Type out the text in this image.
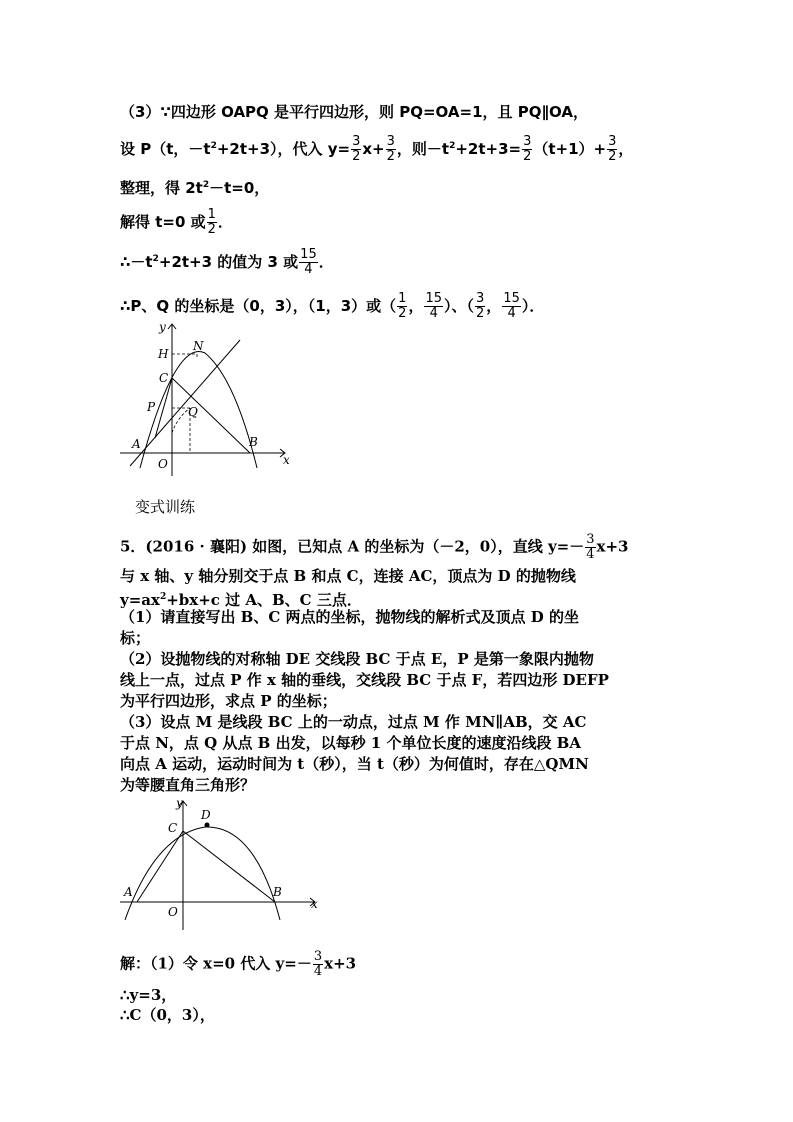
（3）∵四边形 OAPQ 是平行四边形，则 PQ=OA=1，且 PQ∥OA，
设 P（t，$-t^2+2t+3$），代入 $y= \frac{3}{2} x+ \frac{3}{2}$ ，则$-t^2+2t+3= \frac{3}{2} (t+1)+ \frac{3}{2}$ ，
整理，得 $2t^2-t=0$，
解得 t=0 或 $\frac{1}{2}$ ．
$\therefore-t^2+2t+3$ 的值为 3 或 $\frac{15}{4}$ ．
∴P、Q 的坐标是（0，3），（1，3）或（ $\frac{1}{2}$ ， $\frac{15}{4}$ ）、（ $\frac{3}{2}$ ， $\frac{15}{4}$ ）．
y
H
N
C
P	Q
A
O
B
x
变式训练
5．(2016 · 襄阳) 如图，已知点 A 的坐标为（－2，0），直线 $y=- \frac{3}{4} x+3$
与 x 轴、y 轴分别交于点 B 和点 C，连接 AC，顶点为 D 的抛物线
$y=ax^2+bx+c$ 过 A、B、C 三点．
（1）请直接写出 B、C 两点的坐标，抛物线的解析式及顶点 D 的坐
标；
（2）设抛物线的对称轴 DE 交线段 BC 于点 E，P 是第一象限内抛物
线上一点，过点 P 作 x 轴的垂线，交线段 BC 于点 F，若四边形 DEFP
为平行四边形，求点 P 的坐标；
（3）设点 M 是线段 BC 上的一动点，过点 M 作 MN∥AB，交 AC
于点 N，点 Q 从点 B 出发，以每秒 1 个单位长度的速度沿线段 BA
向点 A 运动，运动时间为 t（秒），当 t（秒）为何值时，存在△QMN
为等腰直角三角形？
y
D
C
A
O
B
x
解：（1）令 x=0 代入 $y=- \frac{3}{4} x+3$
∴y=3，
∴C（0，3），
